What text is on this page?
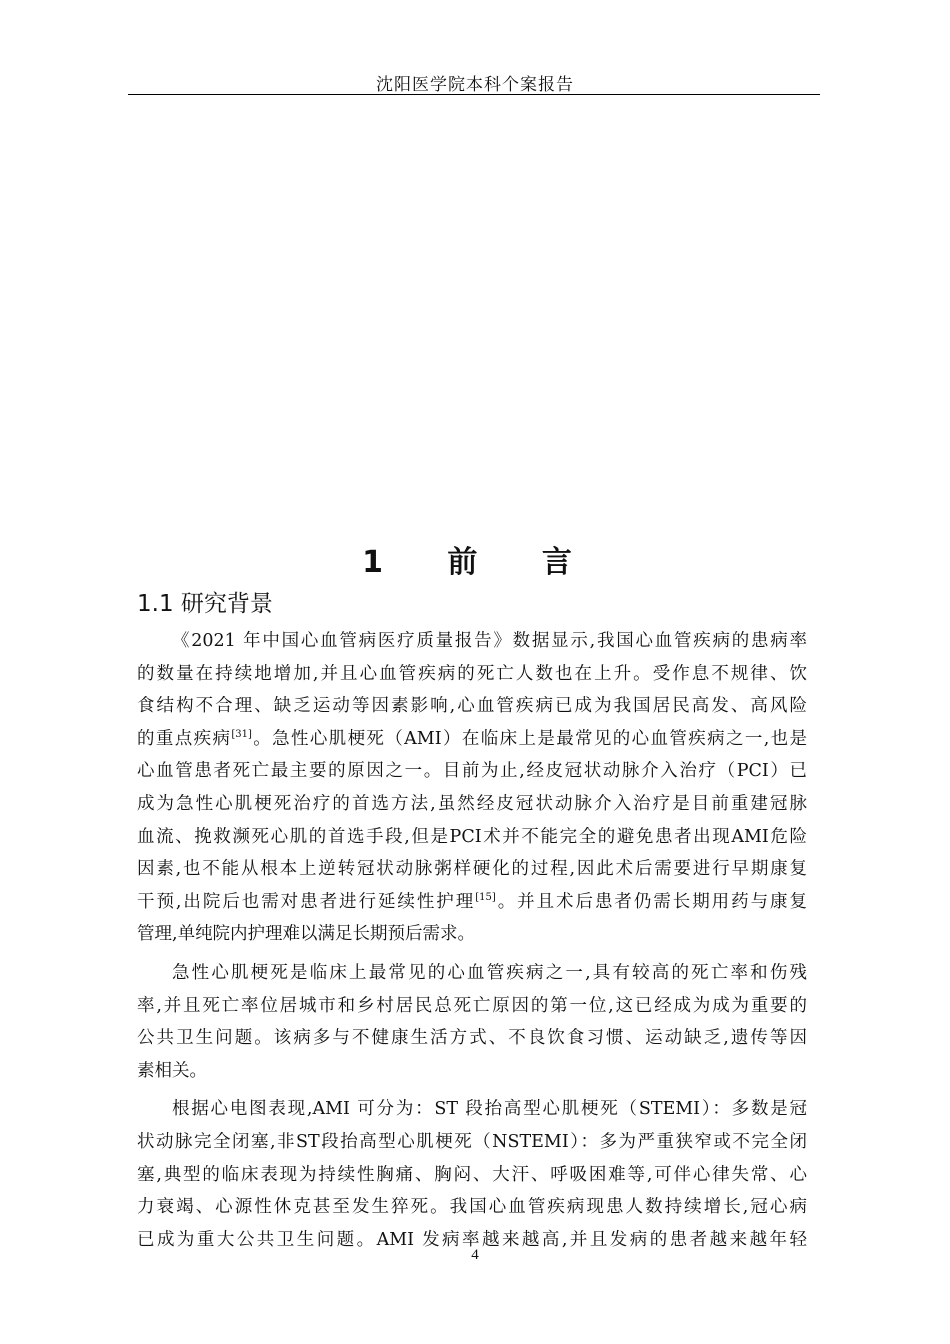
沈阳医学院本科个案报告
1 前 言
1.1 研究背景

《2021 年中国心血管病医疗质量报告》数据显示,我国心血管疾病的患病率
的数量在持续地增加,并且心血管疾病的死亡人数也在上升。受作息不规律、饮
食结构不合理、缺乏运动等因素影响,心血管疾病已成为我国居民高发、高风险
的重点疾病[31]。急性心肌梗死（AMI）在临床上是最常见的心血管疾病之一,也是
心血管患者死亡最主要的原因之一。目前为止,经皮冠状动脉介入治疗（PCI）已
成为急性心肌梗死治疗的首选方法,虽然经皮冠状动脉介入治疗是目前重建冠脉
血流、挽救濒死心肌的首选手段,但是PCI术并不能完全的避免患者出现AMI危险
因素,也不能从根本上逆转冠状动脉粥样硬化的过程,因此术后需要进行早期康复
干预,出院后也需对患者进行延续性护理[15]。并且术后患者仍需长期用药与康复
管理,单纯院内护理难以满足长期预后需求。

急性心肌梗死是临床上最常见的心血管疾病之一,具有较高的死亡率和伤残
率,并且死亡率位居城市和乡村居民总死亡原因的第一位,这已经成为成为重要的
公共卫生问题。该病多与不健康生活方式、不良饮食习惯、运动缺乏,遗传等因
素相关。

根据心电图表现,AMI 可分为：ST 段抬高型心肌梗死（STEMI）：多数是冠
状动脉完全闭塞,非ST段抬高型心肌梗死（NSTEMI）：多为严重狭窄或不完全闭
塞,典型的临床表现为持续性胸痛、胸闷、大汗、呼吸困难等,可伴心律失常、心
力衰竭、心源性休克甚至发生猝死。我国心血管疾病现患人数持续增长,冠心病
已成为重大公共卫生问题。AMI 发病率越来越高,并且发病的患者越来越年轻

4
